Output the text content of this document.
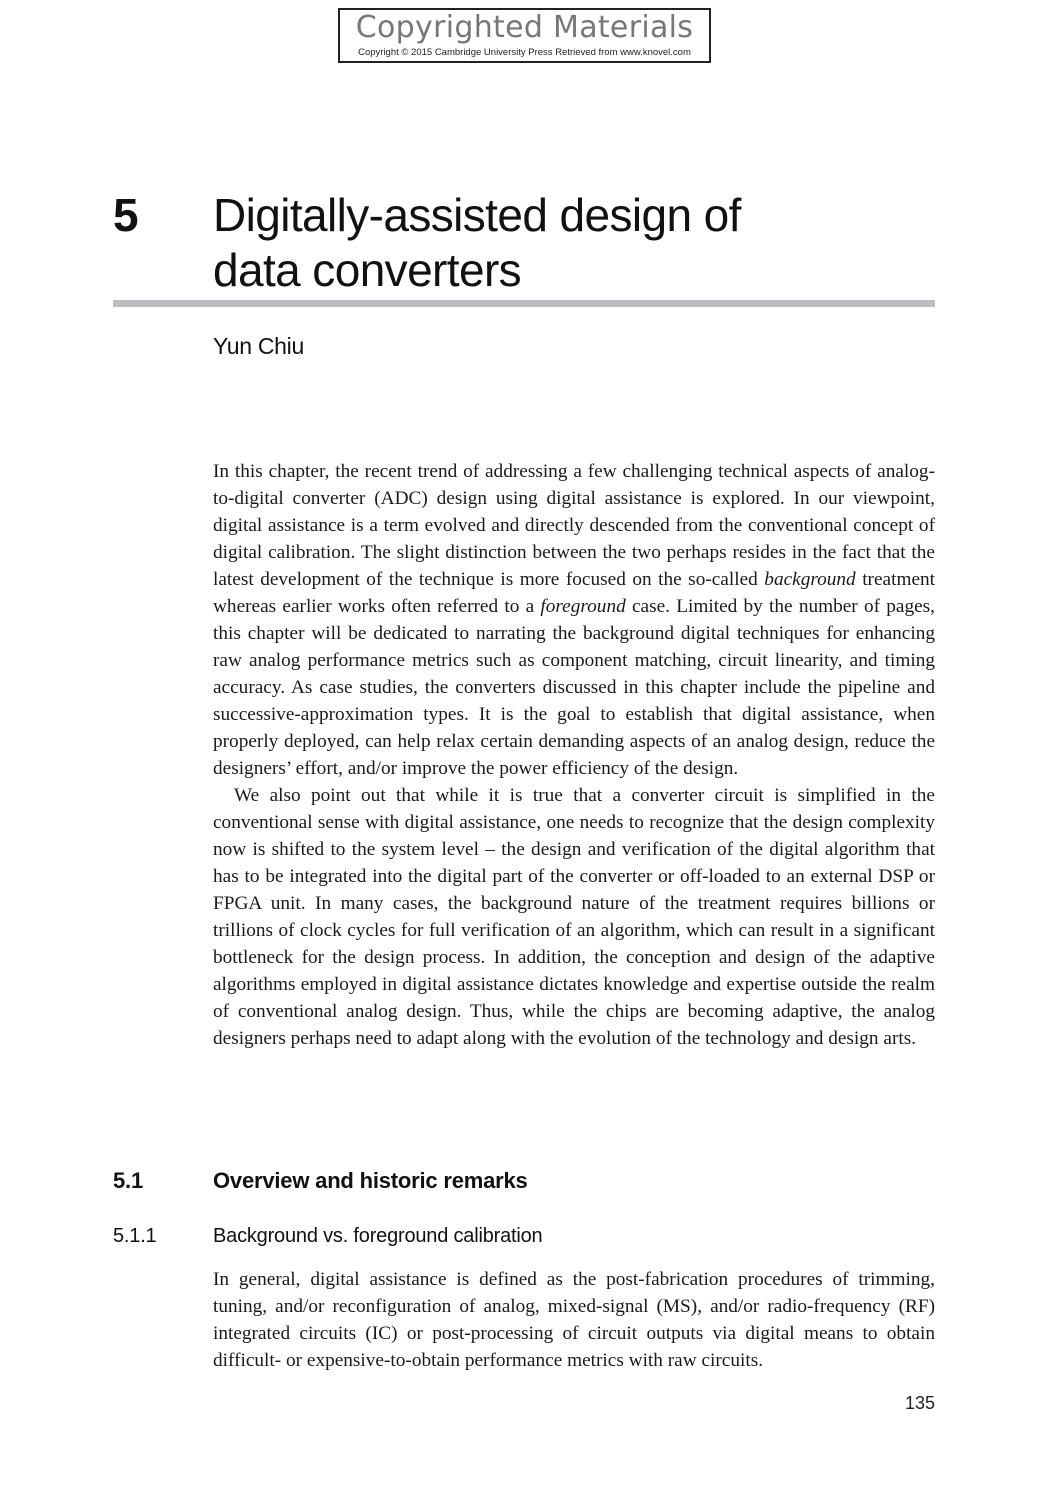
Copyrighted Materials
Copyright © 2015 Cambridge University Press Retrieved from www.knovel.com
5 Digitally-assisted design of
data converters
Yun Chiu

In this chapter, the recent trend of addressing a few challenging technical aspects of analog-to-digital converter (ADC) design using digital assistance is explored. In our viewpoint, digital assistance is a term evolved and directly descended from the conventional concept of digital calibration. The slight distinction between the two perhaps resides in the fact that the latest development of the technique is more focused on the so-called background treatment whereas earlier works often referred to a foreground case. Limited by the number of pages, this chapter will be dedicated to narrating the background digital techniques for enhancing raw analog performance metrics such as component matching, circuit linearity, and timing accuracy. As case studies, the converters discussed in this chapter include the pipeline and successive-approximation types. It is the goal to establish that digital assistance, when properly deployed, can help relax certain demanding aspects of an analog design, reduce the designers’ effort, and/or improve the power efficiency of the design.

We also point out that while it is true that a converter circuit is simplified in the conventional sense with digital assistance, one needs to recognize that the design complexity now is shifted to the system level – the design and verification of the digital algorithm that has to be integrated into the digital part of the converter or off-loaded to an external DSP or FPGA unit. In many cases, the background nature of the treatment requires billions or trillions of clock cycles for full verification of an algorithm, which can result in a significant bottleneck for the design process. In addition, the conception and design of the adaptive algorithms employed in digital assistance dictates knowledge and expertise outside the realm of conventional analog design. Thus, while the chips are becoming adaptive, the analog designers perhaps need to adapt along with the evolution of the technology and design arts.

5.1	Overview and historic remarks
5.1.1	Background vs. foreground calibration

In general, digital assistance is defined as the post-fabrication procedures of trimming, tuning, and/or reconfiguration of analog, mixed-signal (MS), and/or radio-frequency (RF) integrated circuits (IC) or post-processing of circuit outputs via digital means to obtain difficult- or expensive-to-obtain performance metrics with raw circuits.

135
